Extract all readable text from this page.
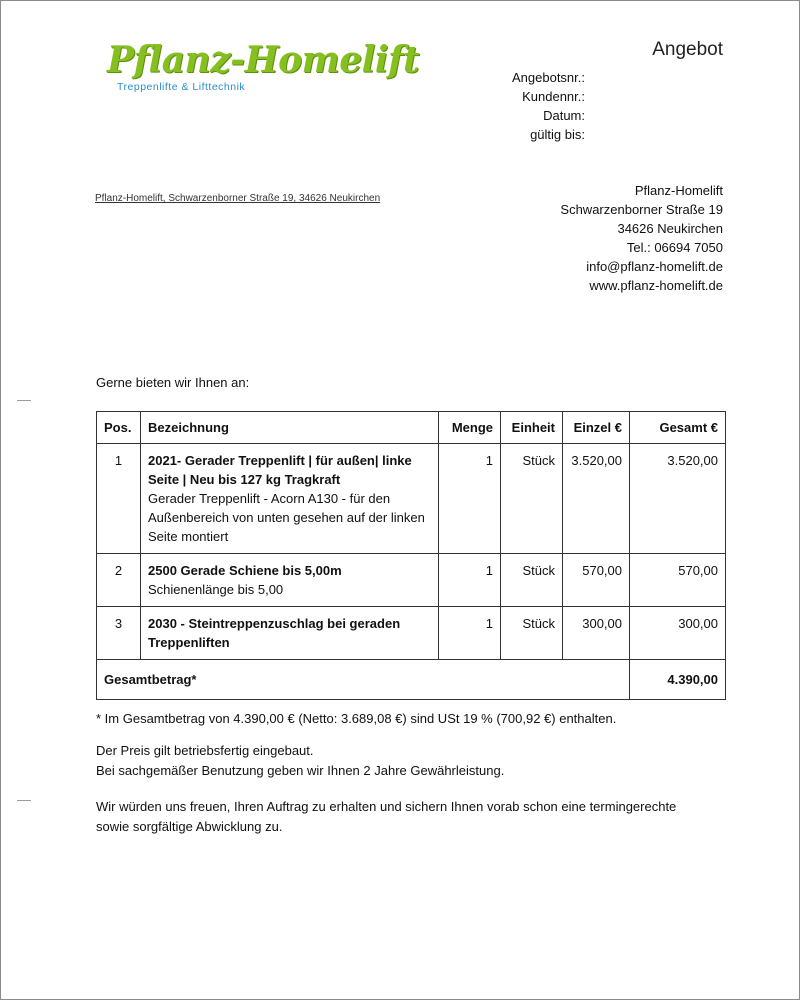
Pflanz-Homelift
Treppenlifte & Lifttechnik
Angebot
Angebotsnr.:
Kundennr.:
Datum:
gültig bis:
Pflanz-Homelift, Schwarzenborner Straße 19, 34626 Neukirchen
Pflanz-Homelift
Schwarzenborner Straße 19
34626 Neukirchen
Tel.: 06694 7050
info@pflanz-homelift.de
www.pflanz-homelift.de
Gerne bieten wir Ihnen an:
Pos.	Bezeichnung	Menge	Einheit	Einzel €	Gesamt €
1	2021- Gerader Treppenlift | für außen| linke Seite | Neu bis 127 kg Tragkraft
Gerader Treppenlift - Acorn A130 - für den Außenbereich von unten gesehen auf der linken Seite montiert	1	Stück	3.520,00	3.520,00
2	2500 Gerade Schiene bis 5,00m
Schienenlänge bis 5,00	1	Stück	570,00	570,00
3	2030 - Steintreppenzuschlag bei geraden Treppenliften	1	Stück	300,00	300,00
Gesamtbetrag*					4.390,00
* Im Gesamtbetrag von 4.390,00 € (Netto: 3.689,08 €) sind USt 19 % (700,92 €) enthalten.
Der Preis gilt betriebsfertig eingebaut.
Bei sachgemäßer Benutzung geben wir Ihnen 2 Jahre Gewährleistung.
Wir würden uns freuen, Ihren Auftrag zu erhalten und sichern Ihnen vorab schon eine termingerechte
sowie sorgfältige Abwicklung zu.
